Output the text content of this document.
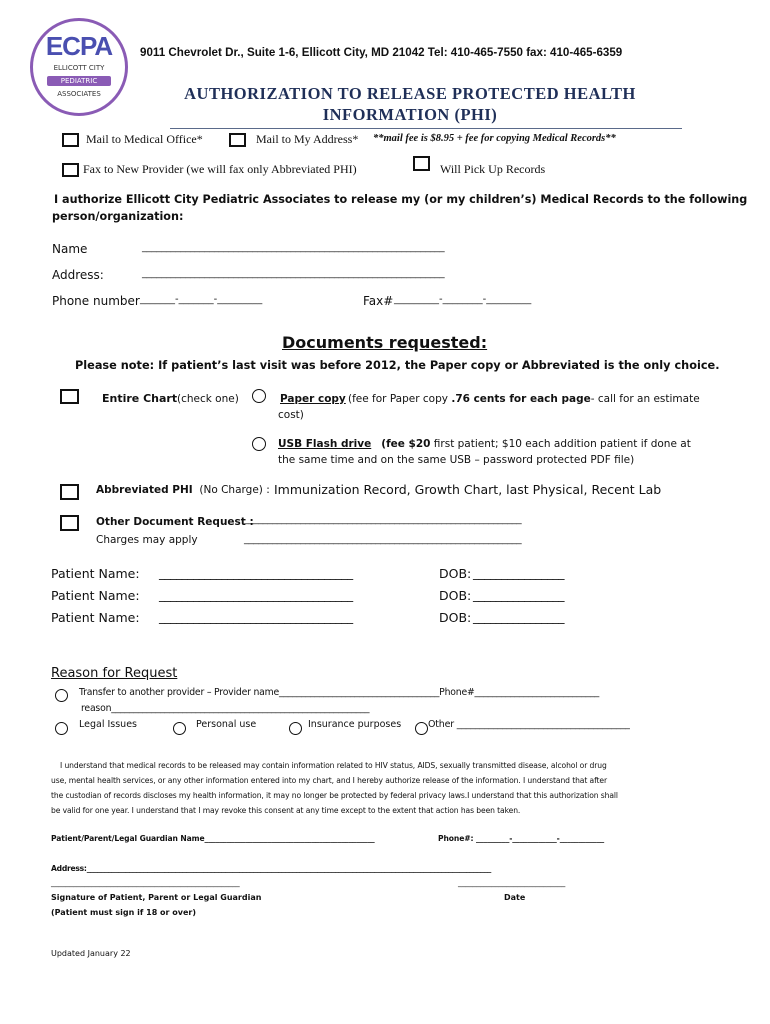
ECPA
ELLICOTT CITY
PEDIATRIC
ASSOCIATES
9011 Chevrolet Dr., Suite 1-6, Ellicott City, MD 21042 Tel: 410-465-7550 fax: 410-465-6359
AUTHORIZATION TO RELEASE PROTECTED HEALTH
INFORMATION (PHI)
Mail to Medical Office*	Mail to My Address* **mail fee is $8.95 + fee for copying Medical Records**
Fax to New Provider (we will fax only Abbreviated PHI)	Will Pick Up Records
I authorize Ellicott City Pediatric Associates to release my (or my children’s) Medical Records to the following
person/organization:
Name	_______________________________________________________________
Address:	_______________________________________________________________
Phone number _______-_______-_________	Fax# _________-________-_________
Documents requested:
Please note: If patient’s last visit was before 2012, the Paper copy or Abbreviated is the only choice.
Entire Chart (check one)	Paper copy (fee for Paper copy .76 cents for each page- call for an estimate
cost)
USB Flash drive (fee $20 first patient; $10 each addition patient if done at
the same time and on the same USB – password protected PDF file)
Abbreviated PHI (No Charge) : Immunization Record, Growth Chart, last Physical, Recent Lab
Other Document Request :
___________________________________________________________
Charges may apply	___________________________________________________________
Patient Name: __________________________________	DOB: ________________
Patient Name: __________________________________	DOB: ________________
Patient Name: __________________________________	DOB: ________________
Reason for Request
Transfer to another provider – Provider name____________________________________Phone#____________________________
reason__________________________________________________________
Legal Issues	Personal use	Insurance purposes	Other ______________________________________
I understand that medical records to be released may contain information related to HIV status, AIDS, sexually transmitted disease, alcohol or drug
use, mental health services, or any other information entered into my chart, and I hereby authorize release of the information. I understand that after
the custodian of records discloses my health information, it may no longer be protected by federal privacy laws.I understand that this authorization shall
be valid for one year. I understand that I may revoke this consent at any time except to the extent that action has been taken.
Patient/Parent/Legal Guardian Name______________________________________________	Phone#: _________-____________-____________
Address:__________________________________________________________________________________________________________________
___________________________________________________	_____________________________
Signature of Patient, Parent or Legal Guardian	Date
(Patient must sign if 18 or over)
Updated January 22
